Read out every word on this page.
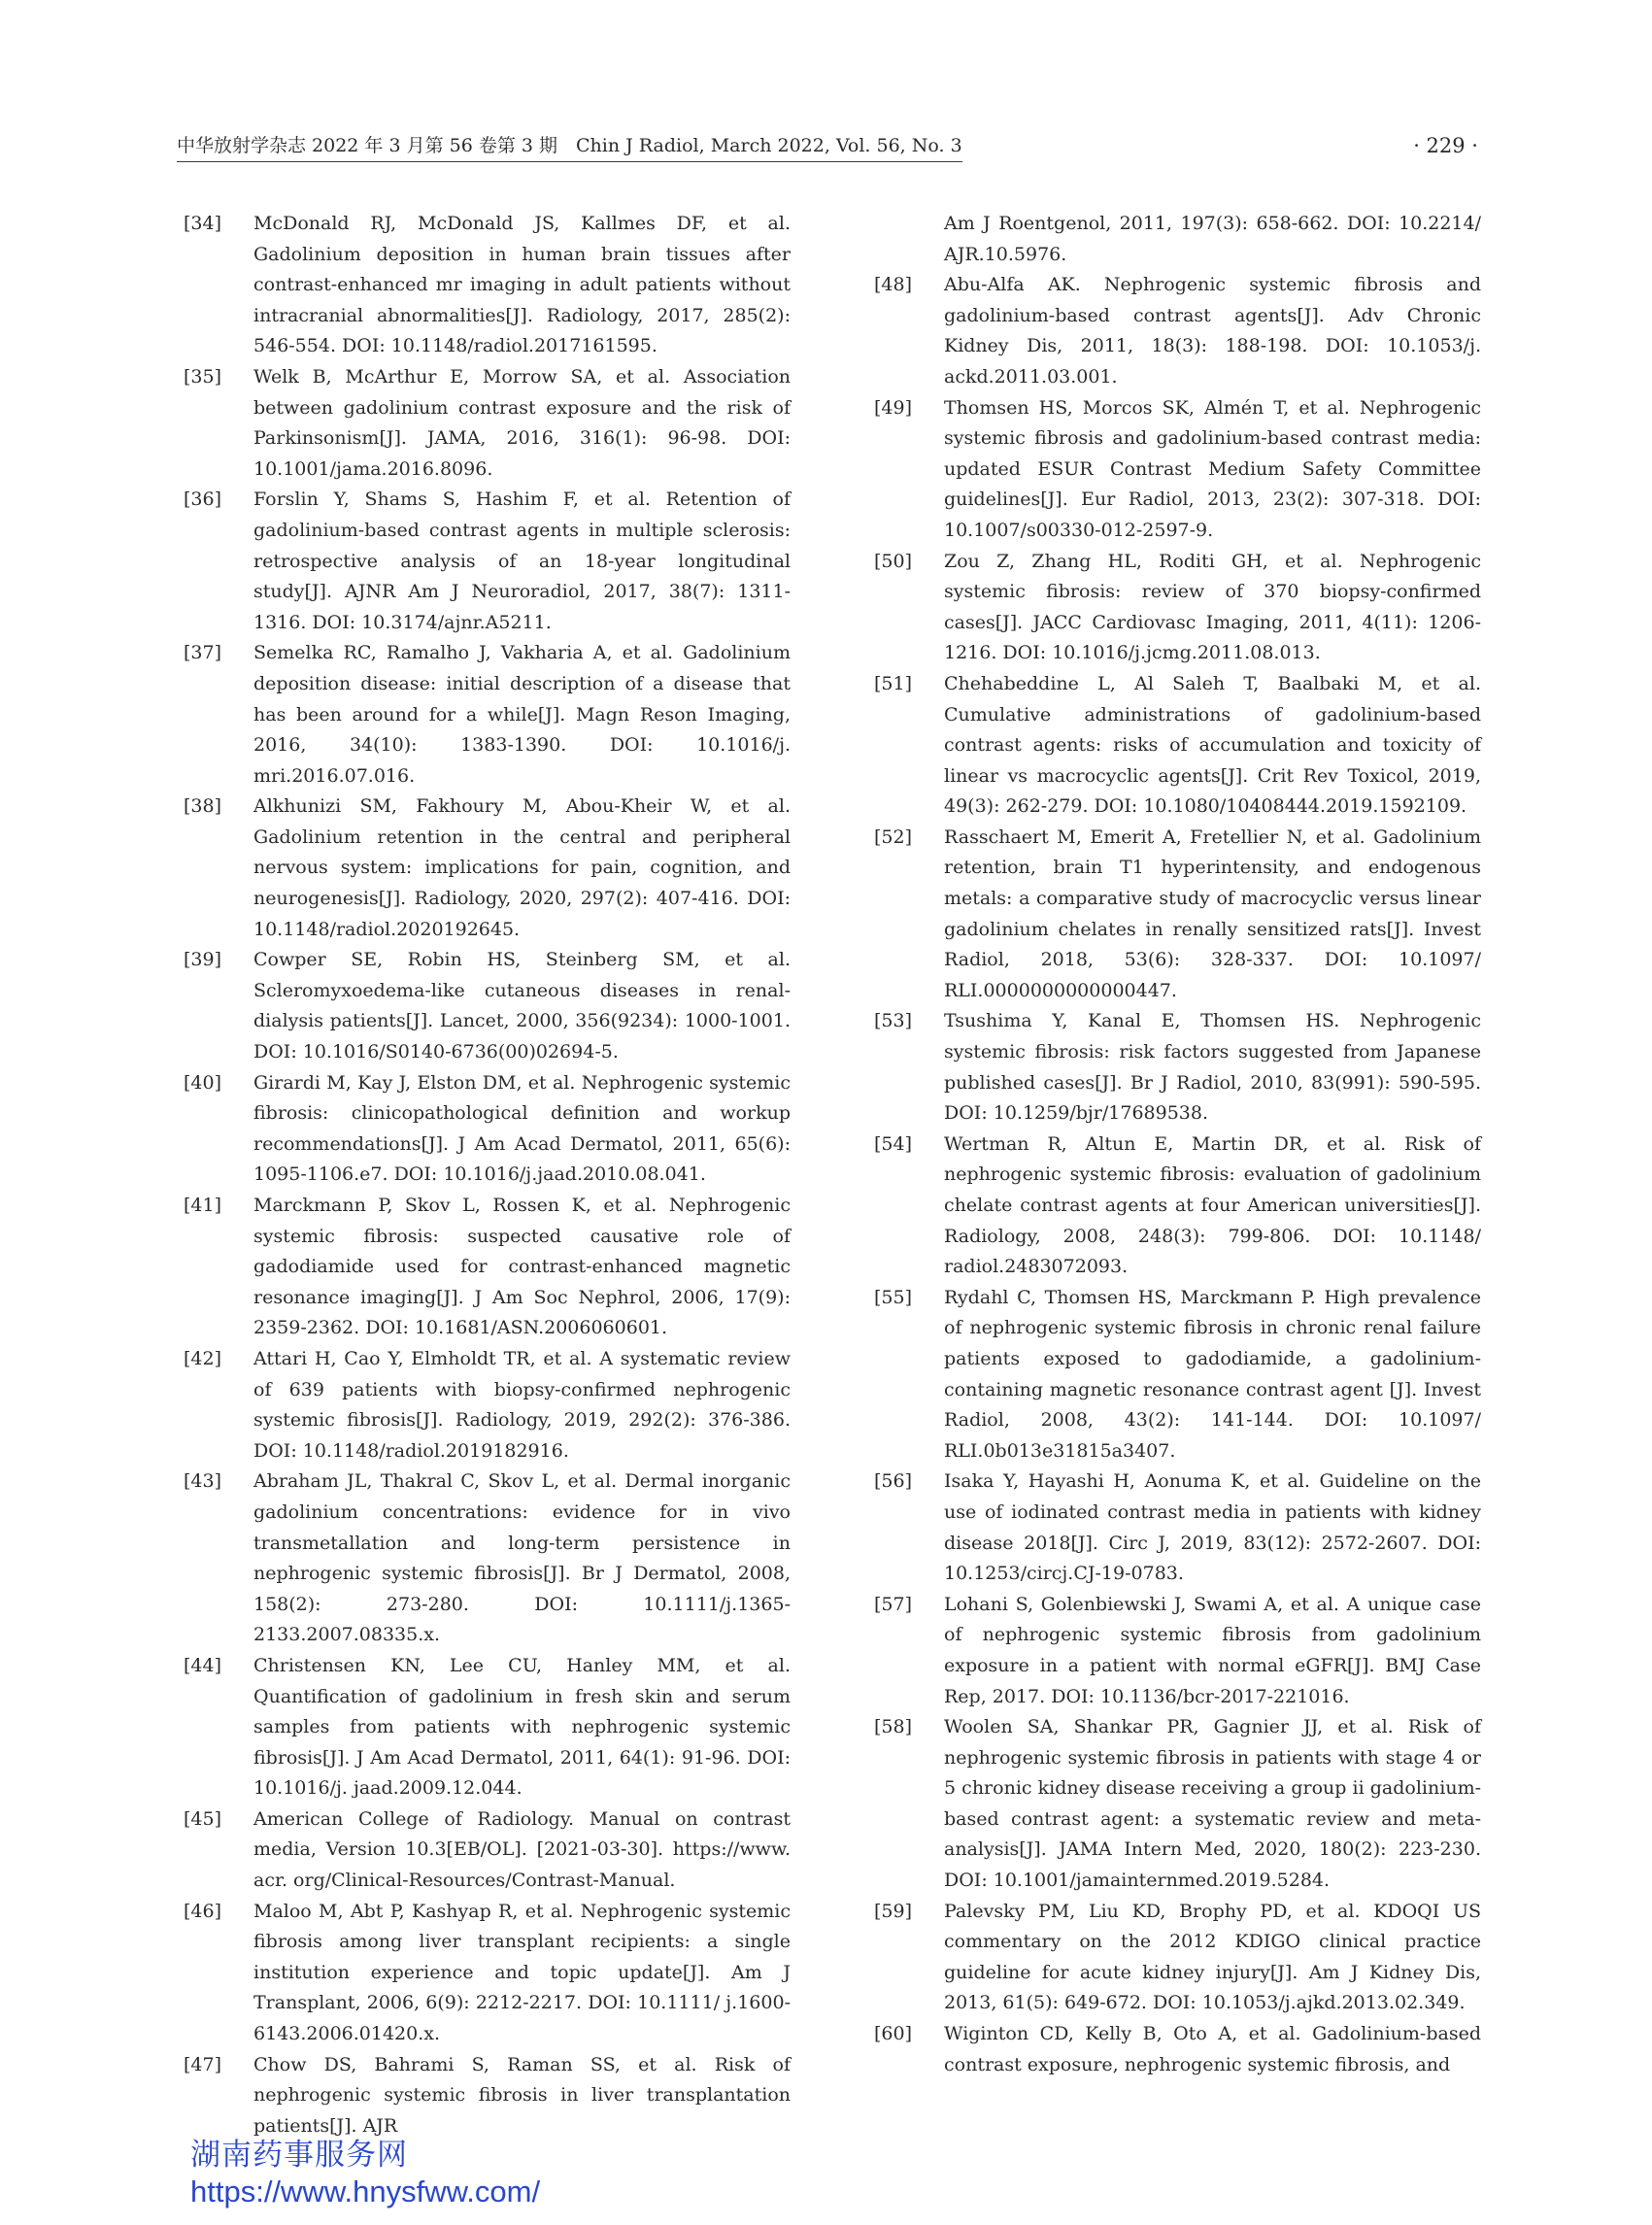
中华放射学杂志 2022 年 3 月第 56 卷第 3 期　Chin J Radiol, March 2022, Vol. 56, No. 3	· 229 ·
[34] McDonald RJ, McDonald JS, Kallmes DF, et al. Gadolinium deposition in human brain tissues after contrast-enhanced mr imaging in adult patients without intracranial abnormalities[J]. Radiology, 2017, 285(2): 546-554. DOI: 10.1148/radiol.2017161595.
[35] Welk B, McArthur E, Morrow SA, et al. Association between gadolinium contrast exposure and the risk of Parkinsonism[J]. JAMA, 2016, 316(1): 96-98. DOI: 10.1001/jama.2016.8096.
[36] Forslin Y, Shams S, Hashim F, et al. Retention of gadolinium-based contrast agents in multiple sclerosis: retrospective analysis of an 18-year longitudinal study[J]. AJNR Am J Neuroradiol, 2017, 38(7): 1311-1316. DOI: 10.3174/ajnr.A5211.
[37] Semelka RC, Ramalho J, Vakharia A, et al. Gadolinium deposition disease: initial description of a disease that has been around for a while[J]. Magn Reson Imaging, 2016, 34(10): 1383-1390. DOI: 10.1016/j. mri.2016.07.016.
[38] Alkhunizi SM, Fakhoury M, Abou-Kheir W, et al. Gadolinium retention in the central and peripheral nervous system: implications for pain, cognition, and neurogenesis[J]. Radiology, 2020, 297(2): 407-416. DOI: 10.1148/radiol.2020192645.
[39] Cowper SE, Robin HS, Steinberg SM, et al. Scleromyxoedema-like cutaneous diseases in renal-dialysis patients[J]. Lancet, 2000, 356(9234): 1000-1001. DOI: 10.1016/S0140-6736(00)02694-5.
[40] Girardi M, Kay J, Elston DM, et al. Nephrogenic systemic fibrosis: clinicopathological definition and workup recommendations[J]. J Am Acad Dermatol, 2011, 65(6): 1095-1106.e7. DOI: 10.1016/j.jaad.2010.08.041.
[41] Marckmann P, Skov L, Rossen K, et al. Nephrogenic systemic fibrosis: suspected causative role of gadodiamide used for contrast-enhanced magnetic resonance imaging[J]. J Am Soc Nephrol, 2006, 17(9): 2359-2362. DOI: 10.1681/ASN.2006060601.
[42] Attari H, Cao Y, Elmholdt TR, et al. A systematic review of 639 patients with biopsy-confirmed nephrogenic systemic fibrosis[J]. Radiology, 2019, 292(2): 376-386. DOI: 10.1148/radiol.2019182916.
[43] Abraham JL, Thakral C, Skov L, et al. Dermal inorganic gadolinium concentrations: evidence for in vivo transmetallation and long-term persistence in nephrogenic systemic fibrosis[J]. Br J Dermatol, 2008, 158(2): 273-280. DOI: 10.1111/j.1365-2133.2007.08335.x.
[44] Christensen KN, Lee CU, Hanley MM, et al. Quantification of gadolinium in fresh skin and serum samples from patients with nephrogenic systemic fibrosis[J]. J Am Acad Dermatol, 2011, 64(1): 91-96. DOI: 10.1016/j. jaad.2009.12.044.
[45] American College of Radiology. Manual on contrast media, Version 10.3[EB/OL]. [2021-03-30]. https://www. acr. org/Clinical-Resources/Contrast-Manual.
[46] Maloo M, Abt P, Kashyap R, et al. Nephrogenic systemic fibrosis among liver transplant recipients: a single institution experience and topic update[J]. Am J Transplant, 2006, 6(9): 2212-2217. DOI: 10.1111/ j.1600-6143.2006.01420.x.
[47] Chow DS, Bahrami S, Raman SS, et al. Risk of nephrogenic systemic fibrosis in liver transplantation patients[J]. AJR
Am J Roentgenol, 2011, 197(3): 658-662. DOI: 10.2214/ AJR.10.5976.
[48] Abu-Alfa AK. Nephrogenic systemic fibrosis and gadolinium-based contrast agents[J]. Adv Chronic Kidney Dis, 2011, 18(3): 188-198. DOI: 10.1053/j. ackd.2011.03.001.
[49] Thomsen HS, Morcos SK, Almén T, et al. Nephrogenic systemic fibrosis and gadolinium-based contrast media: updated ESUR Contrast Medium Safety Committee guidelines[J]. Eur Radiol, 2013, 23(2): 307-318. DOI: 10.1007/s00330-012-2597-9.
[50] Zou Z, Zhang HL, Roditi GH, et al. Nephrogenic systemic fibrosis: review of 370 biopsy-confirmed cases[J]. JACC Cardiovasc Imaging, 2011, 4(11): 1206-1216. DOI: 10.1016/j.jcmg.2011.08.013.
[51] Chehabeddine L, Al Saleh T, Baalbaki M, et al. Cumulative administrations of gadolinium-based contrast agents: risks of accumulation and toxicity of linear vs macrocyclic agents[J]. Crit Rev Toxicol, 2019, 49(3): 262-279. DOI: 10.1080/10408444.2019.1592109.
[52] Rasschaert M, Emerit A, Fretellier N, et al. Gadolinium retention, brain T1 hyperintensity, and endogenous metals: a comparative study of macrocyclic versus linear gadolinium chelates in renally sensitized rats[J]. Invest Radiol, 2018, 53(6): 328-337. DOI: 10.1097/ RLI.0000000000000447.
[53] Tsushima Y, Kanal E, Thomsen HS. Nephrogenic systemic fibrosis: risk factors suggested from Japanese published cases[J]. Br J Radiol, 2010, 83(991): 590-595. DOI: 10.1259/bjr/17689538.
[54] Wertman R, Altun E, Martin DR, et al. Risk of nephrogenic systemic fibrosis: evaluation of gadolinium chelate contrast agents at four American universities[J]. Radiology, 2008, 248(3): 799-806. DOI: 10.1148/ radiol.2483072093.
[55] Rydahl C, Thomsen HS, Marckmann P. High prevalence of nephrogenic systemic fibrosis in chronic renal failure patients exposed to gadodiamide, a gadolinium-containing magnetic resonance contrast agent [J]. Invest Radiol, 2008, 43(2): 141-144. DOI: 10.1097/ RLI.0b013e31815a3407.
[56] Isaka Y, Hayashi H, Aonuma K, et al. Guideline on the use of iodinated contrast media in patients with kidney disease 2018[J]. Circ J, 2019, 83(12): 2572-2607. DOI: 10.1253/circj.CJ-19-0783.
[57] Lohani S, Golenbiewski J, Swami A, et al. A unique case of nephrogenic systemic fibrosis from gadolinium exposure in a patient with normal eGFR[J]. BMJ Case Rep, 2017. DOI: 10.1136/bcr-2017-221016.
[58] Woolen SA, Shankar PR, Gagnier JJ, et al. Risk of nephrogenic systemic fibrosis in patients with stage 4 or 5 chronic kidney disease receiving a group ii gadolinium-based contrast agent: a systematic review and meta-analysis[J]. JAMA Intern Med, 2020, 180(2): 223-230. DOI: 10.1001/jamainternmed.2019.5284.
[59] Palevsky PM, Liu KD, Brophy PD, et al. KDOQI US commentary on the 2012 KDIGO clinical practice guideline for acute kidney injury[J]. Am J Kidney Dis, 2013, 61(5): 649-672. DOI: 10.1053/j.ajkd.2013.02.349.
[60] Wiginton CD, Kelly B, Oto A, et al. Gadolinium-based contrast exposure, nephrogenic systemic fibrosis, and
湖南药事服务网
https://www.hnysfww.com/
